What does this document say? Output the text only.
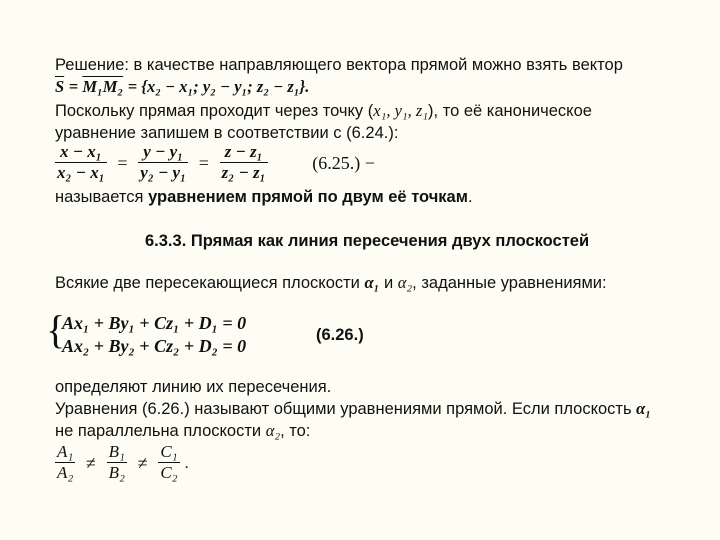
Решение: в качестве направляющего вектора прямой можно взять вектор
$\overline{S} = M_1M_2 = \{x_2 - x_1$; y₂ − y₁; z₂ − z₁}.
Поскольку прямая проходит через точку (x₁, y₁, z₁), то её каноническое
уравнение запишем в соответствии с (6.24.):
$\frac{\text{x − x₁}}{\text{x₂ − x₁}} = \frac{\text{y − y₁}}{\text{y₂ − y₁}} = \frac{\text{z − z₁}}{\text{z₂ − z₁}} (6.25.)$ −
называется уравнением прямой по двум её точкам.
6.3.3. Прямая как линия пересечения двух плоскостей
Всякие две пересекающиеся плоскости α₁ и α₂, заданные уравнениями:
{
Ax₁ + By₁ + Cz₁ + D₁ = 0
Ax₂ + By₂ + Cz₂ + D₂ = 0
(6.26.)
определяют линию их пересечения.
Уравнения (6.26.) называют общими уравнениями прямой. Если плоскость α₁
не параллельна плоскости α₂, то:
$\frac{\text{A₁}}{\text{A₂}} \ne \frac{\text{B₁}}{\text{B₂}} \ne \frac{\text{C₁}}{\text{C₂}}$ .
